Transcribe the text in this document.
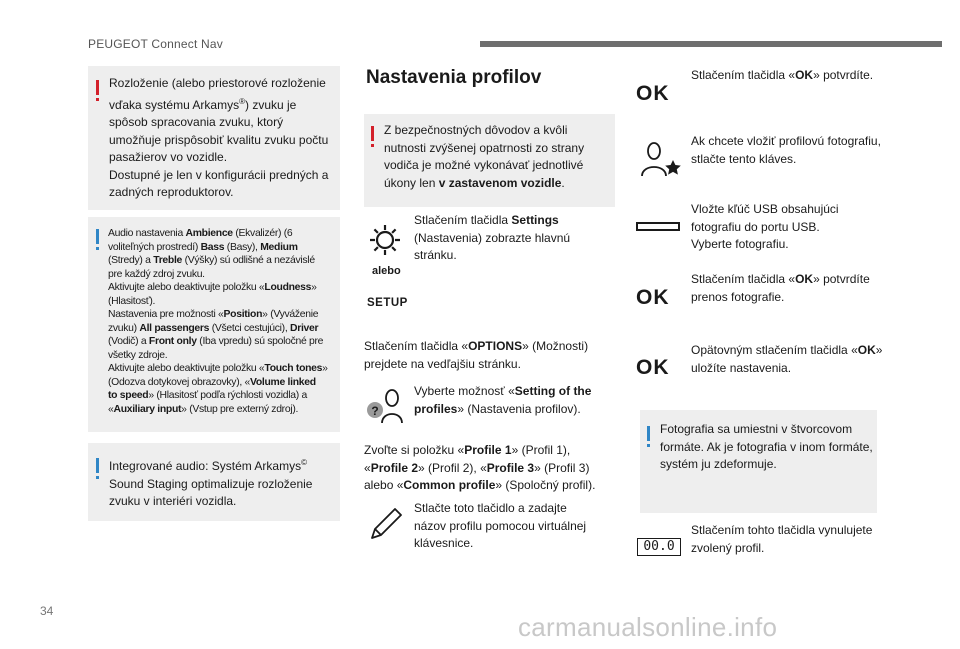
PEUGEOT Connect Nav
Rozloženie (alebo priestorové rozloženie
vďaka systému Arkamys®) zvuku je
spôsob spracovania zvuku, ktorý
umožňuje prispôsobiť kvalitu zvuku počtu
pasažierov vo vozidle.
Dostupné je len v konfigurácii predných a
zadných reproduktorov.
Audio nastavenia Ambience (Ekvalizér) (6
voliteľných prostredí) Bass (Basy), Medium
(Stredy) a Treble (Výšky) sú odlišné a nezávislé
pre každý zdroj zvuku.
Aktivujte alebo deaktivujte položku «Loudness»
(Hlasitosť).
Nastavenia pre možnosti «Position» (Vyváženie
zvuku) All passengers (Všetci cestujúci), Driver
(Vodič) a Front only (Iba vpredu) sú spoločné pre
všetky zdroje.
Aktivujte alebo deaktivujte položku «Touch tones»
(Odozva dotykovej obrazovky), «Volume linked
to speed» (Hlasitosť podľa rýchlosti vozidla) a
«Auxiliary input» (Vstup pre externý zdroj).
Integrované audio: Systém Arkamys©
Sound Staging optimalizuje rozloženie
zvuku v interiéri vozidla.
Nastavenia profilov
Z bezpečnostných dôvodov a kvôli
nutnosti zvýšenej opatrnosti zo strany
vodiča je možné vykonávať jednotlivé
úkony len v zastavenom vozidle.
alebo
SETUP
Stlačením tlačidla Settings
(Nastavenia) zobrazte hlavnú
stránku.
Stlačením tlačidla «OPTIONS» (Možnosti)
prejdete na vedľajšiu stránku.
?
Vyberte možnosť «Setting of the
profiles» (Nastavenia profilov).
Zvoľte si položku «Profile 1» (Profil 1),
«Profile 2» (Profil 2), «Profile 3» (Profil 3)
alebo «Common profile» (Spoločný profil).
Stlačte toto tlačidlo a zadajte
názov profilu pomocou virtuálnej
klávesnice.
OK
Stlačením tlačidla «OK» potvrdíte.
Ak chcete vložiť profilovú fotografiu,
stlačte tento kláves.
Vložte kľúč USB obsahujúci
fotografiu do portu USB.
Vyberte fotografiu.
OK
Stlačením tlačidla «OK» potvrdíte
prenos fotografie.
OK
Opätovným stlačením tlačidla «OK»
uložíte nastavenia.
Fotografia sa umiestni v štvorcovom
formáte. Ak je fotografia v inom formáte,
systém ju zdeformuje.
00.0
Stlačením tohto tlačidla vynulujete
zvolený profil.
34
carmanualsonline.info
